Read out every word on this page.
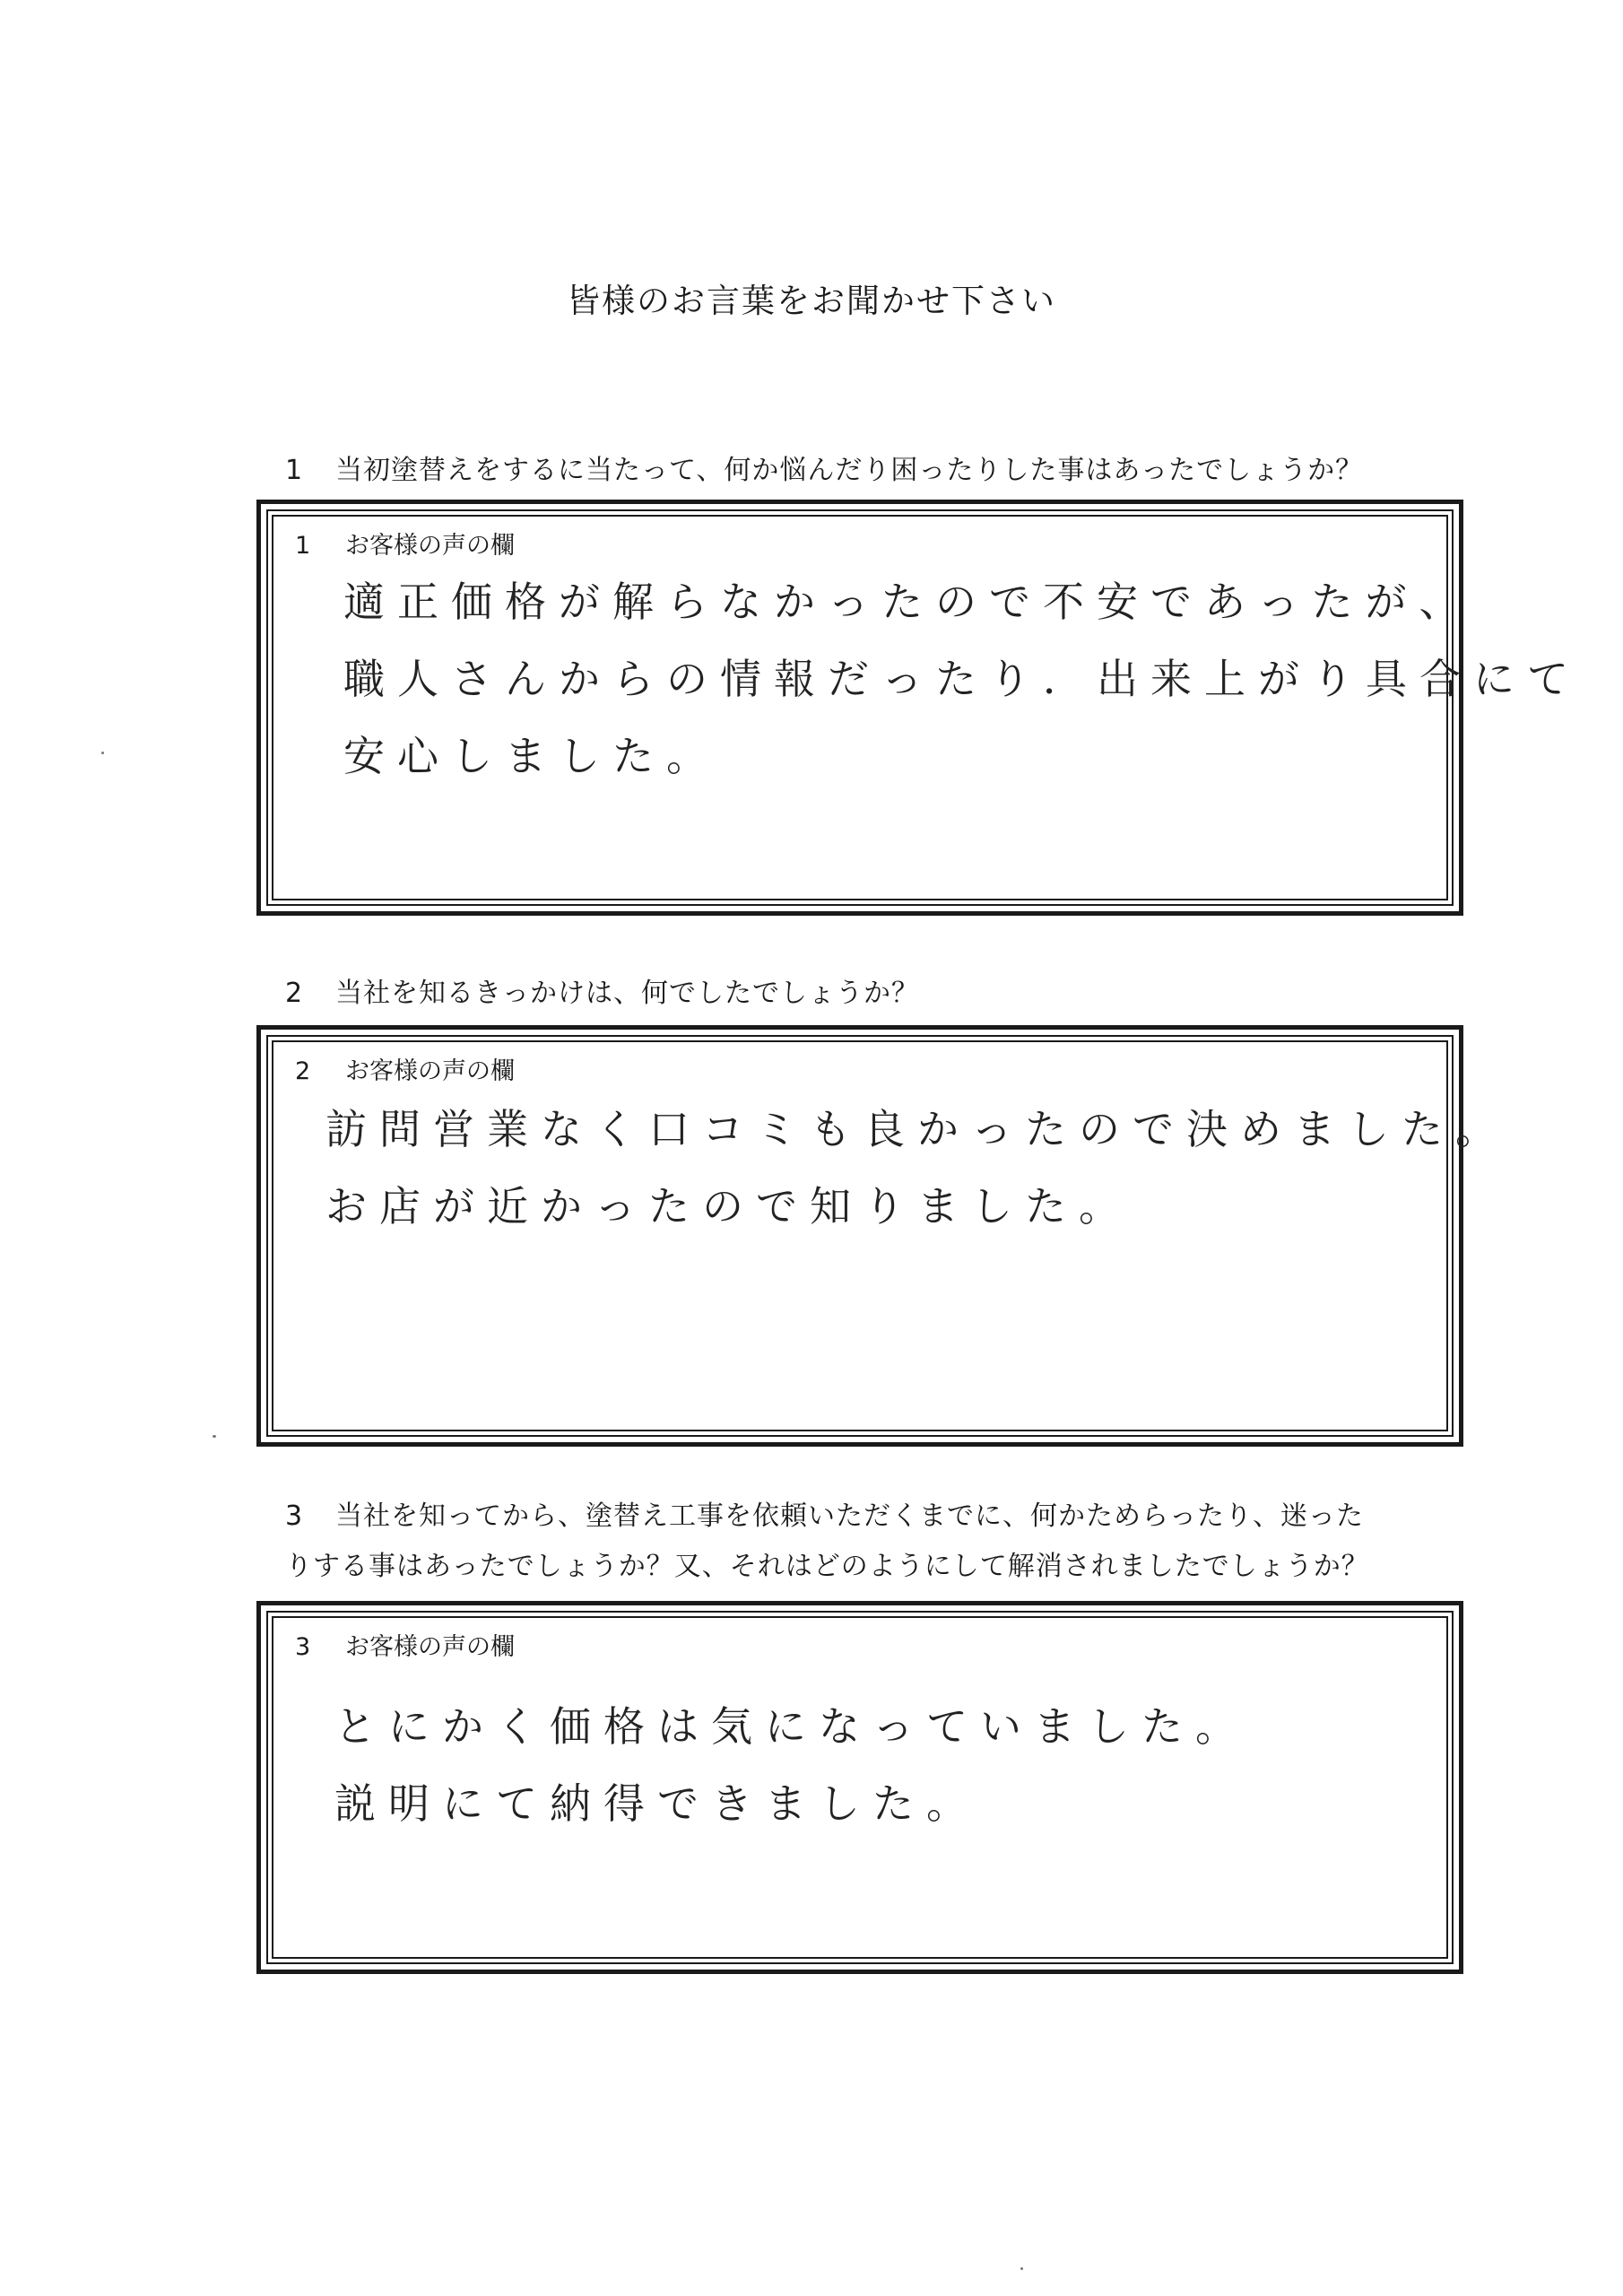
皆様のお言葉をお聞かせ下さい
1 当初塗替えをするに当たって、何か悩んだり困ったりした事はあったでしょうか？
1 お客様の声の欄
適正価格が解らなかったので不安であったが、
職人さんからの情報だったり．出来上がり具合にて
安心しました。
2 当社を知るきっかけは、何でしたでしょうか？
2 お客様の声の欄
訪問営業なく口コミも良かったので決めました。
お店が近かったので知りました。
3 当社を知ってから、塗替え工事を依頼いただくまでに、何かためらったり、迷った
りする事はあったでしょうか？又、それはどのようにして解消されましたでしょうか？
3 お客様の声の欄
とにかく価格は気になっていました。
説明にて納得できました。
